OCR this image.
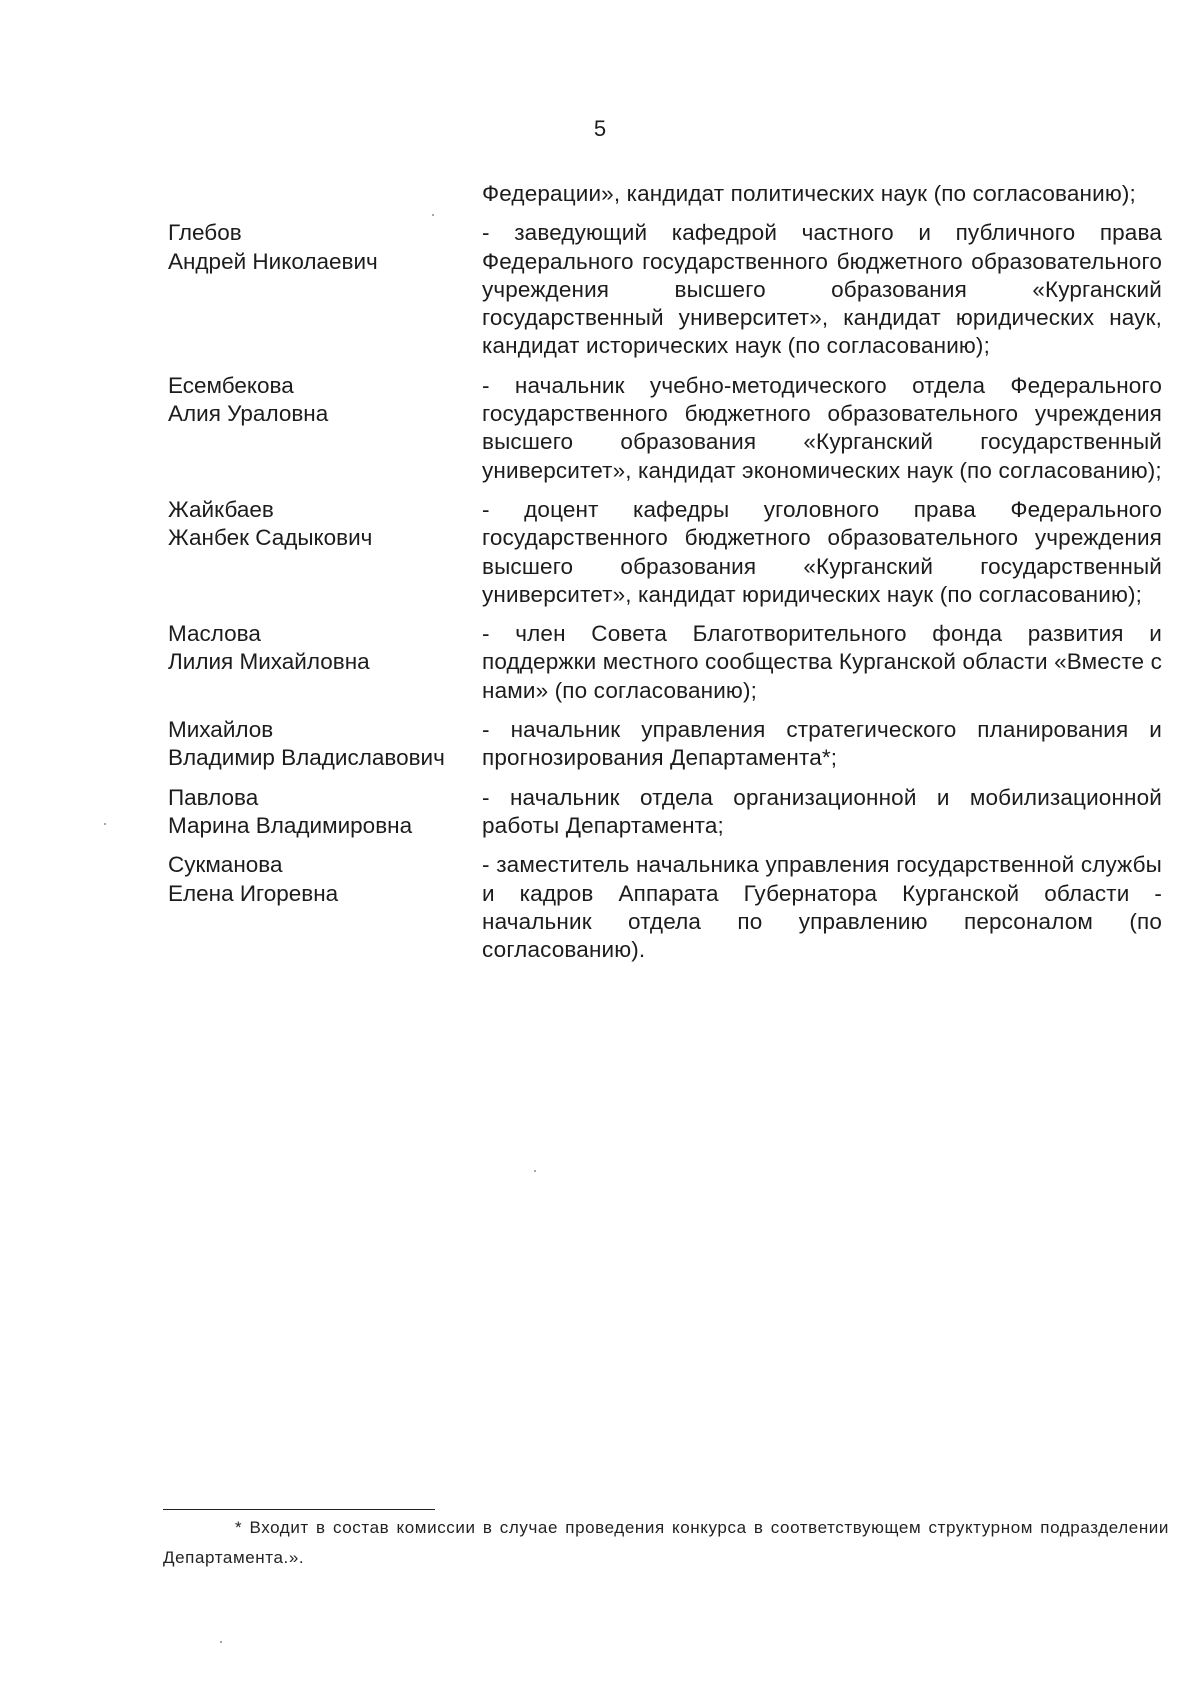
5
Федерации», кандидат политических наук (по согласованию);
Глебов
Андрей Николаевич
- заведующий кафедрой частного и публичного права Федерального государственного бюджетного образовательного учреждения высшего образования «Курганский государственный университет», кандидат юридических наук, кандидат исторических наук (по согласованию);
Есембекова
Алия Ураловна
- начальник учебно-методического отдела Федерального государственного бюджетного образовательного учреждения высшего образования «Курганский государственный университет», кандидат экономических наук (по согласованию);
Жайкбаев
Жанбек Садыкович
- доцент кафедры уголовного права Федерального государственного бюджетного образовательного учреждения высшего образования «Курганский государственный университет», кандидат юридических наук (по согласованию);
Маслова
Лилия Михайловна
- член Совета Благотворительного фонда развития и поддержки местного сообщества Курганской области «Вместе с нами» (по согласованию);
Михайлов
Владимир Владиславович
- начальник управления стратегического планирования и прогнозирования Департамента*;
Павлова
Марина Владимировна
- начальник отдела организационной и мобилизационной работы Департамента;
Сукманова
Елена Игоревна
- заместитель начальника управления государственной службы и кадров Аппарата Губернатора Курганской области - начальник отдела по управлению персоналом (по согласованию).
* Входит в состав комиссии в случае проведения конкурса в соответствующем структурном подразделении Департамента.».
